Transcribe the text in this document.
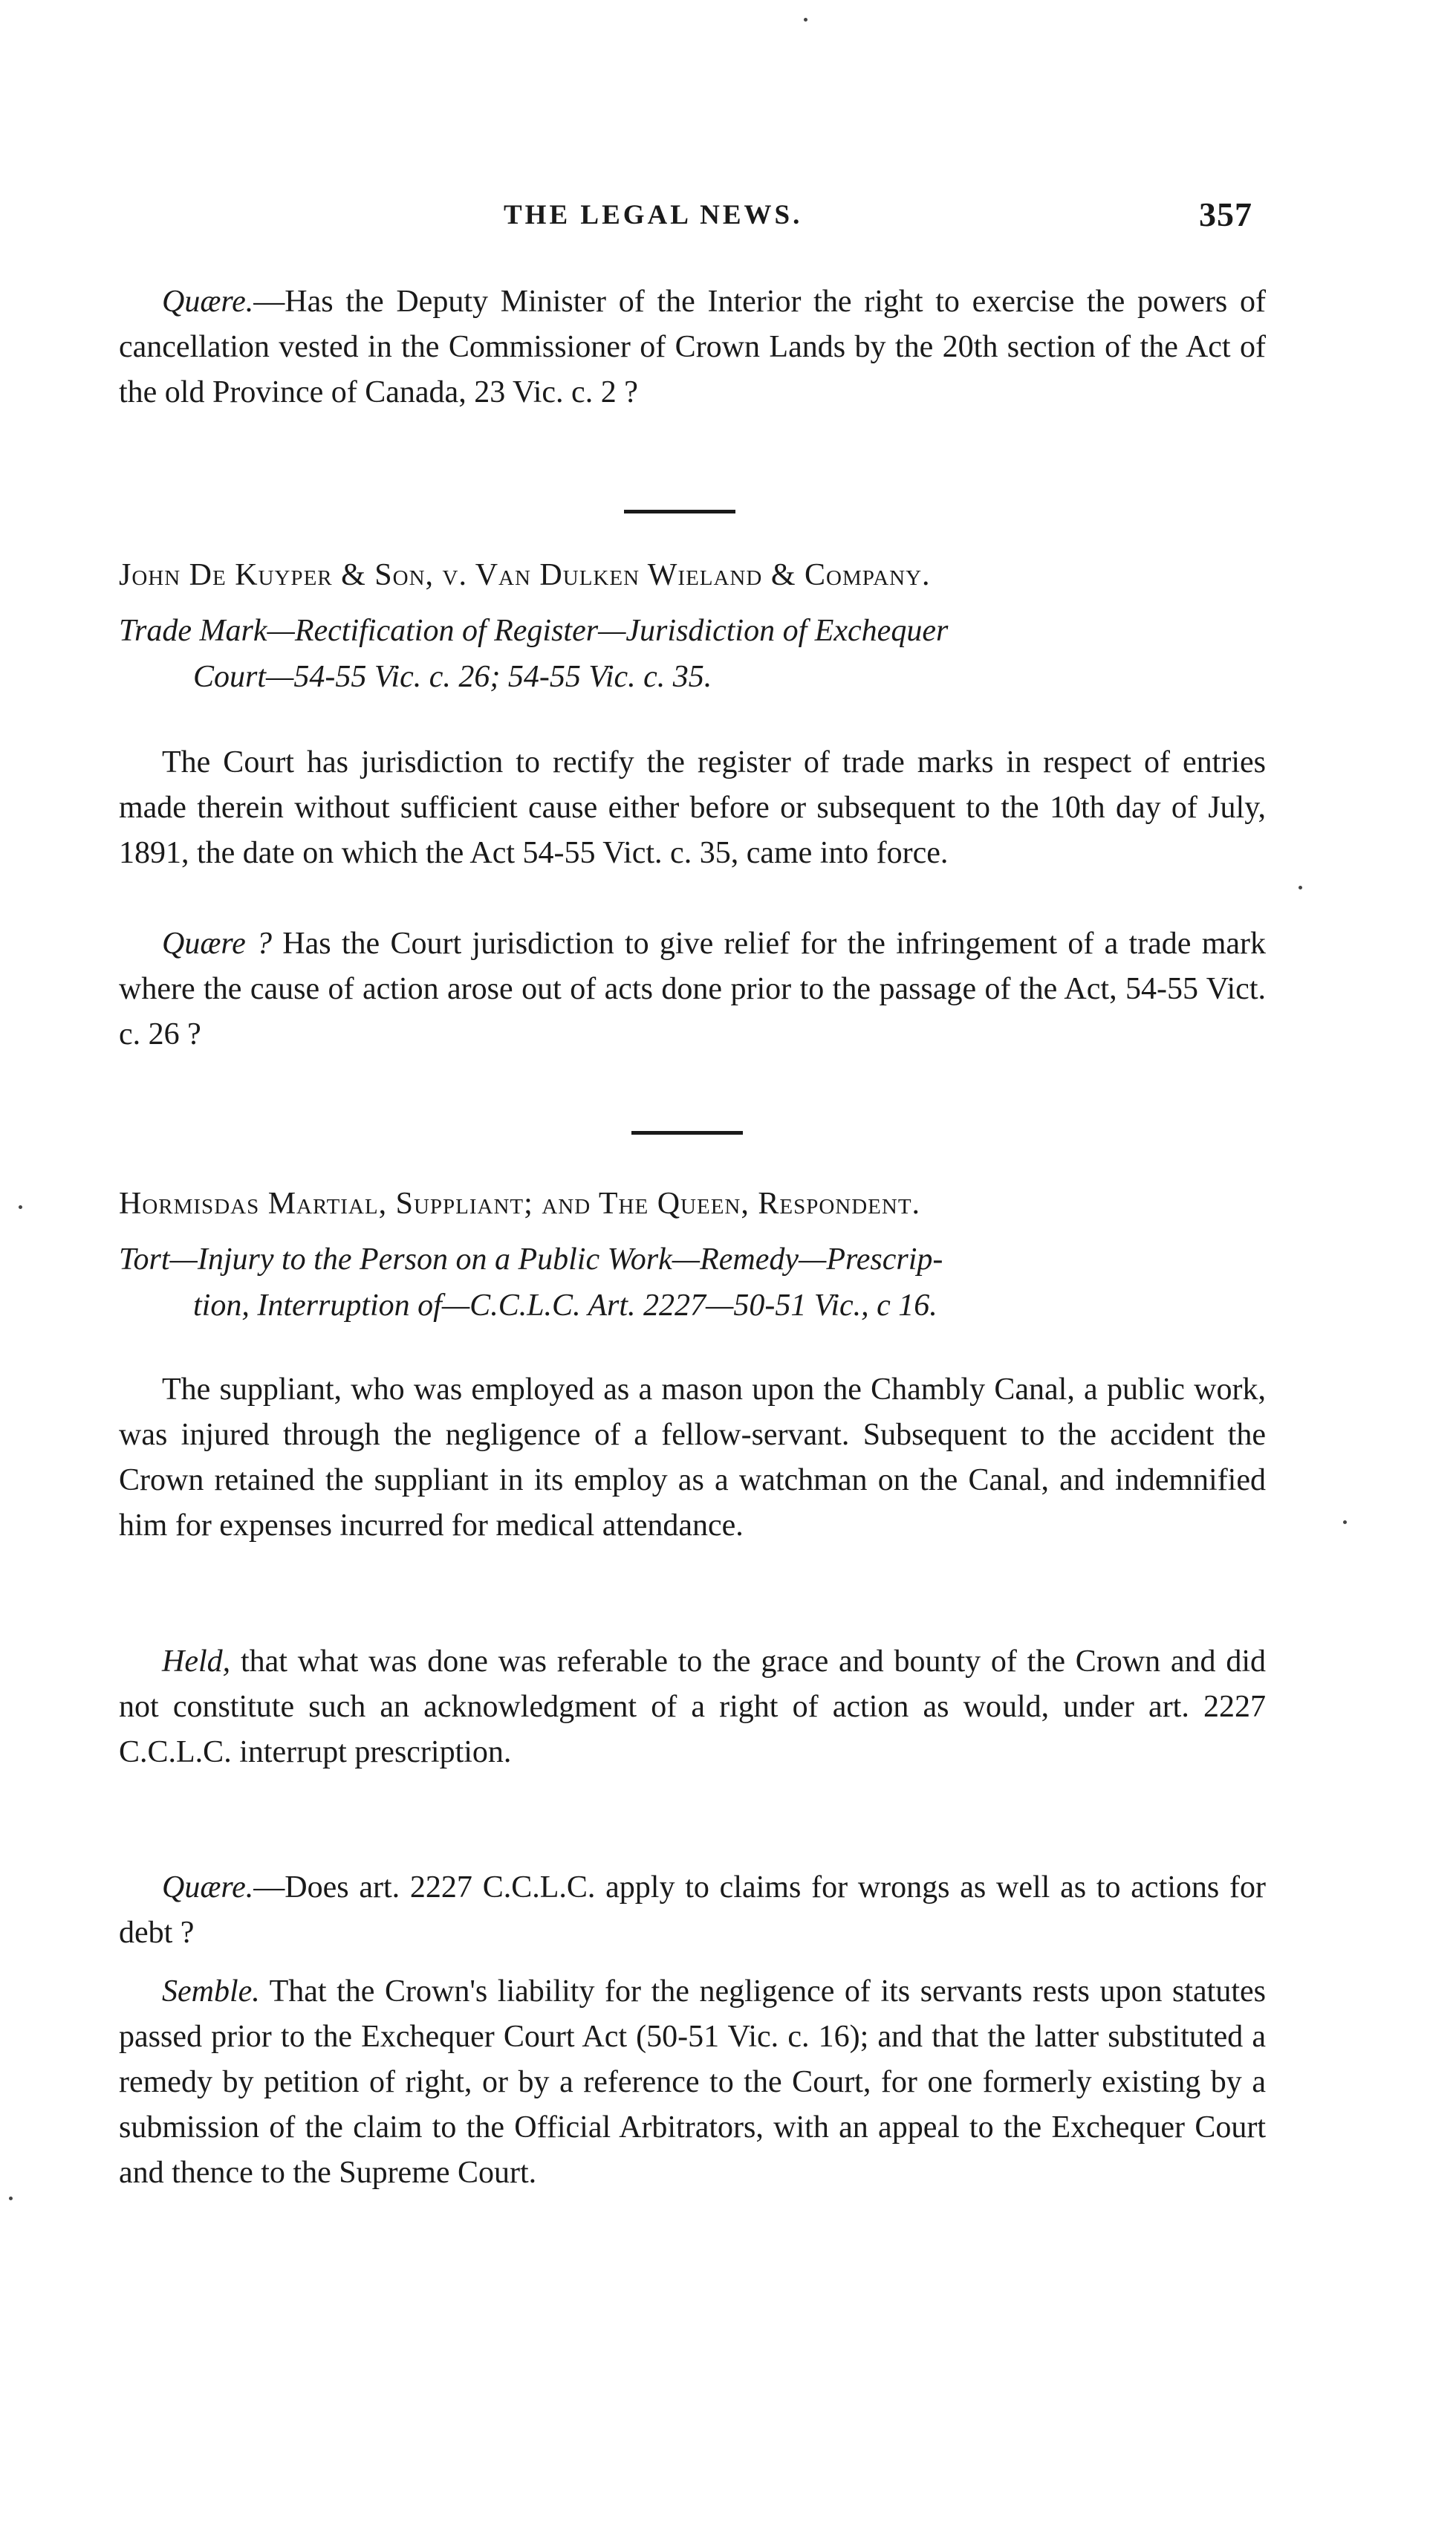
THE LEGAL NEWS.	357

Quære.—Has the Deputy Minister of the Interior the right to exercise the powers of cancellation vested in the Commissioner of Crown Lands by the 20th section of the Act of the old Province of Canada, 23 Vic. c. 2 ?

John De Kuyper & Son, v. Van Dulken Wieland & Company.
Trade Mark—Rectification of Register—Jurisdiction of Exchequer
Court—54-55 Vic. c. 26; 54-55 Vic. c. 35.

The Court has jurisdiction to rectify the register of trade marks in respect of entries made therein without sufficient cause either before or subsequent to the 10th day of July, 1891, the date on which the Act 54-55 Vict. c. 35, came into force.

Quære ? Has the Court jurisdiction to give relief for the infringement of a trade mark where the cause of action arose out of acts done prior to the passage of the Act, 54-55 Vict. c. 26 ?

Hormisdas Martial, Suppliant; and The Queen, Respondent.
Tort—Injury to the Person on a Public Work—Remedy—Prescrip-
tion, Interruption of—C.C.L.C. Art. 2227—50-51 Vic., c 16.

The suppliant, who was employed as a mason upon the Chambly Canal, a public work, was injured through the negligence of a fellow-servant. Subsequent to the accident the Crown retained the suppliant in its employ as a watchman on the Canal, and indemnified him for expenses incurred for medical attendance.

Held, that what was done was referable to the grace and bounty of the Crown and did not constitute such an acknowledgment of a right of action as would, under art. 2227 C.C.L.C. interrupt prescription.

Quære.—Does art. 2227 C.C.L.C. apply to claims for wrongs as well as to actions for debt ?

Semble. That the Crown's liability for the negligence of its servants rests upon statutes passed prior to the Exchequer Court Act (50-51 Vic. c. 16); and that the latter substituted a remedy by petition of right, or by a reference to the Court, for one formerly existing by a submission of the claim to the Official Arbitrators, with an appeal to the Exchequer Court and thence to the Supreme Court.
